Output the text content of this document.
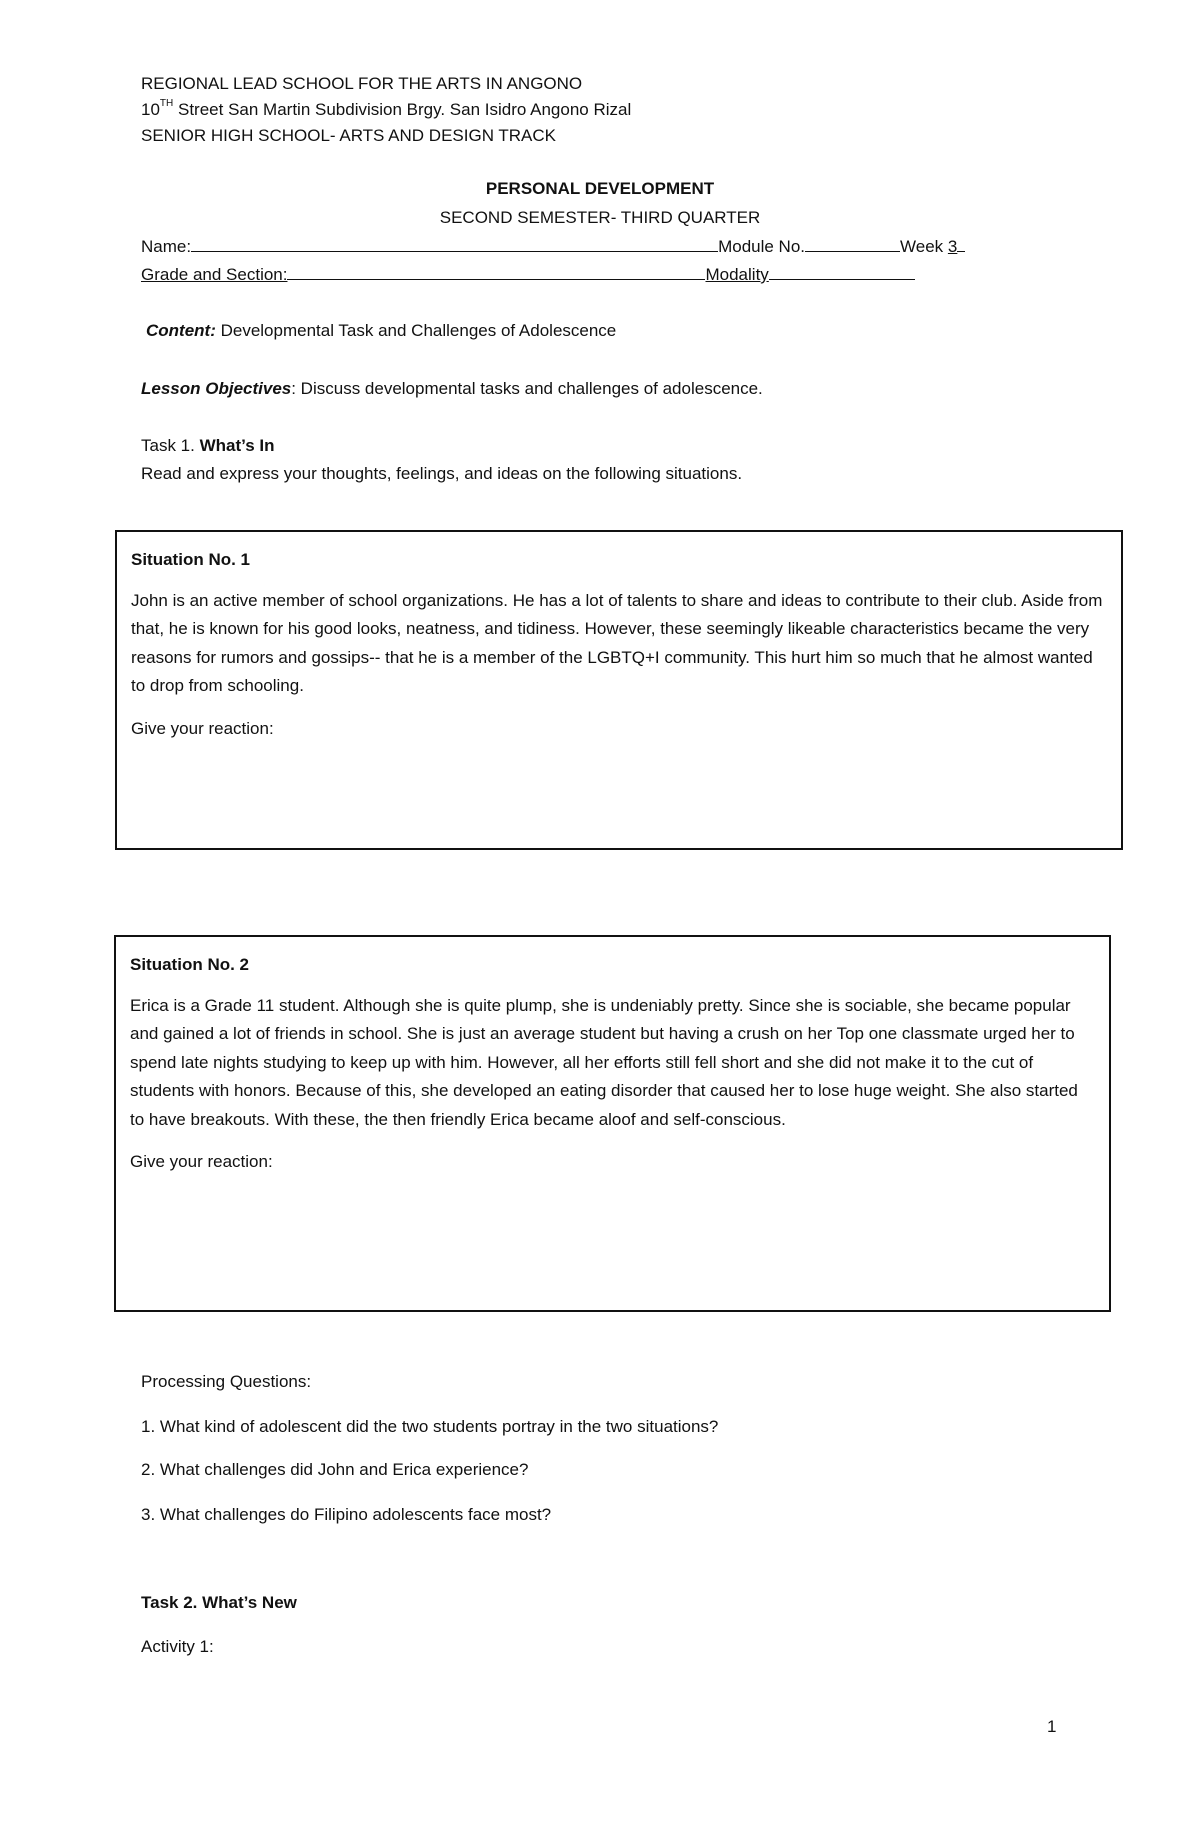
REGIONAL LEAD SCHOOL FOR THE ARTS IN ANGONO
10TH Street San Martin Subdivision Brgy. San Isidro Angono Rizal
SENIOR HIGH SCHOOL- ARTS AND DESIGN TRACK
PERSONAL DEVELOPMENT
SECOND SEMESTER- THIRD QUARTER
Name:	Module No.	Week 3
Grade and Section:	Modality
Content: Developmental Task and Challenges of Adolescence
Lesson Objectives: Discuss developmental tasks and challenges of adolescence.
Task 1. What’s In
Read and express your thoughts, feelings, and ideas on the following situations.

Situation No. 1

John is an active member of school organizations. He has a lot of talents to share and ideas to contribute to their club. Aside from that, he is known for his good looks, neatness, and tidiness. However, these seemingly likeable characteristics became the very reasons for rumors and gossips-- that he is a member of the LGBTQ+I community. This hurt him so much that he almost wanted to drop from schooling.

Give your reaction:

Situation No. 2

Erica is a Grade 11 student. Although she is quite plump, she is undeniably pretty. Since she is sociable, she became popular and gained a lot of friends in school. She is just an average student but having a crush on her Top one classmate urged her to spend late nights studying to keep up with him. However, all her efforts still fell short and she did not make it to the cut of students with honors. Because of this, she developed an eating disorder that caused her to lose huge weight. She also started to have breakouts. With these, the then friendly Erica became aloof and self-conscious.

Give your reaction:

Processing Questions:
1. What kind of adolescent did the two students portray in the two situations?
2. What challenges did John and Erica experience?
3. What challenges do Filipino adolescents face most?
Task 2. What’s New
Activity 1:
1
